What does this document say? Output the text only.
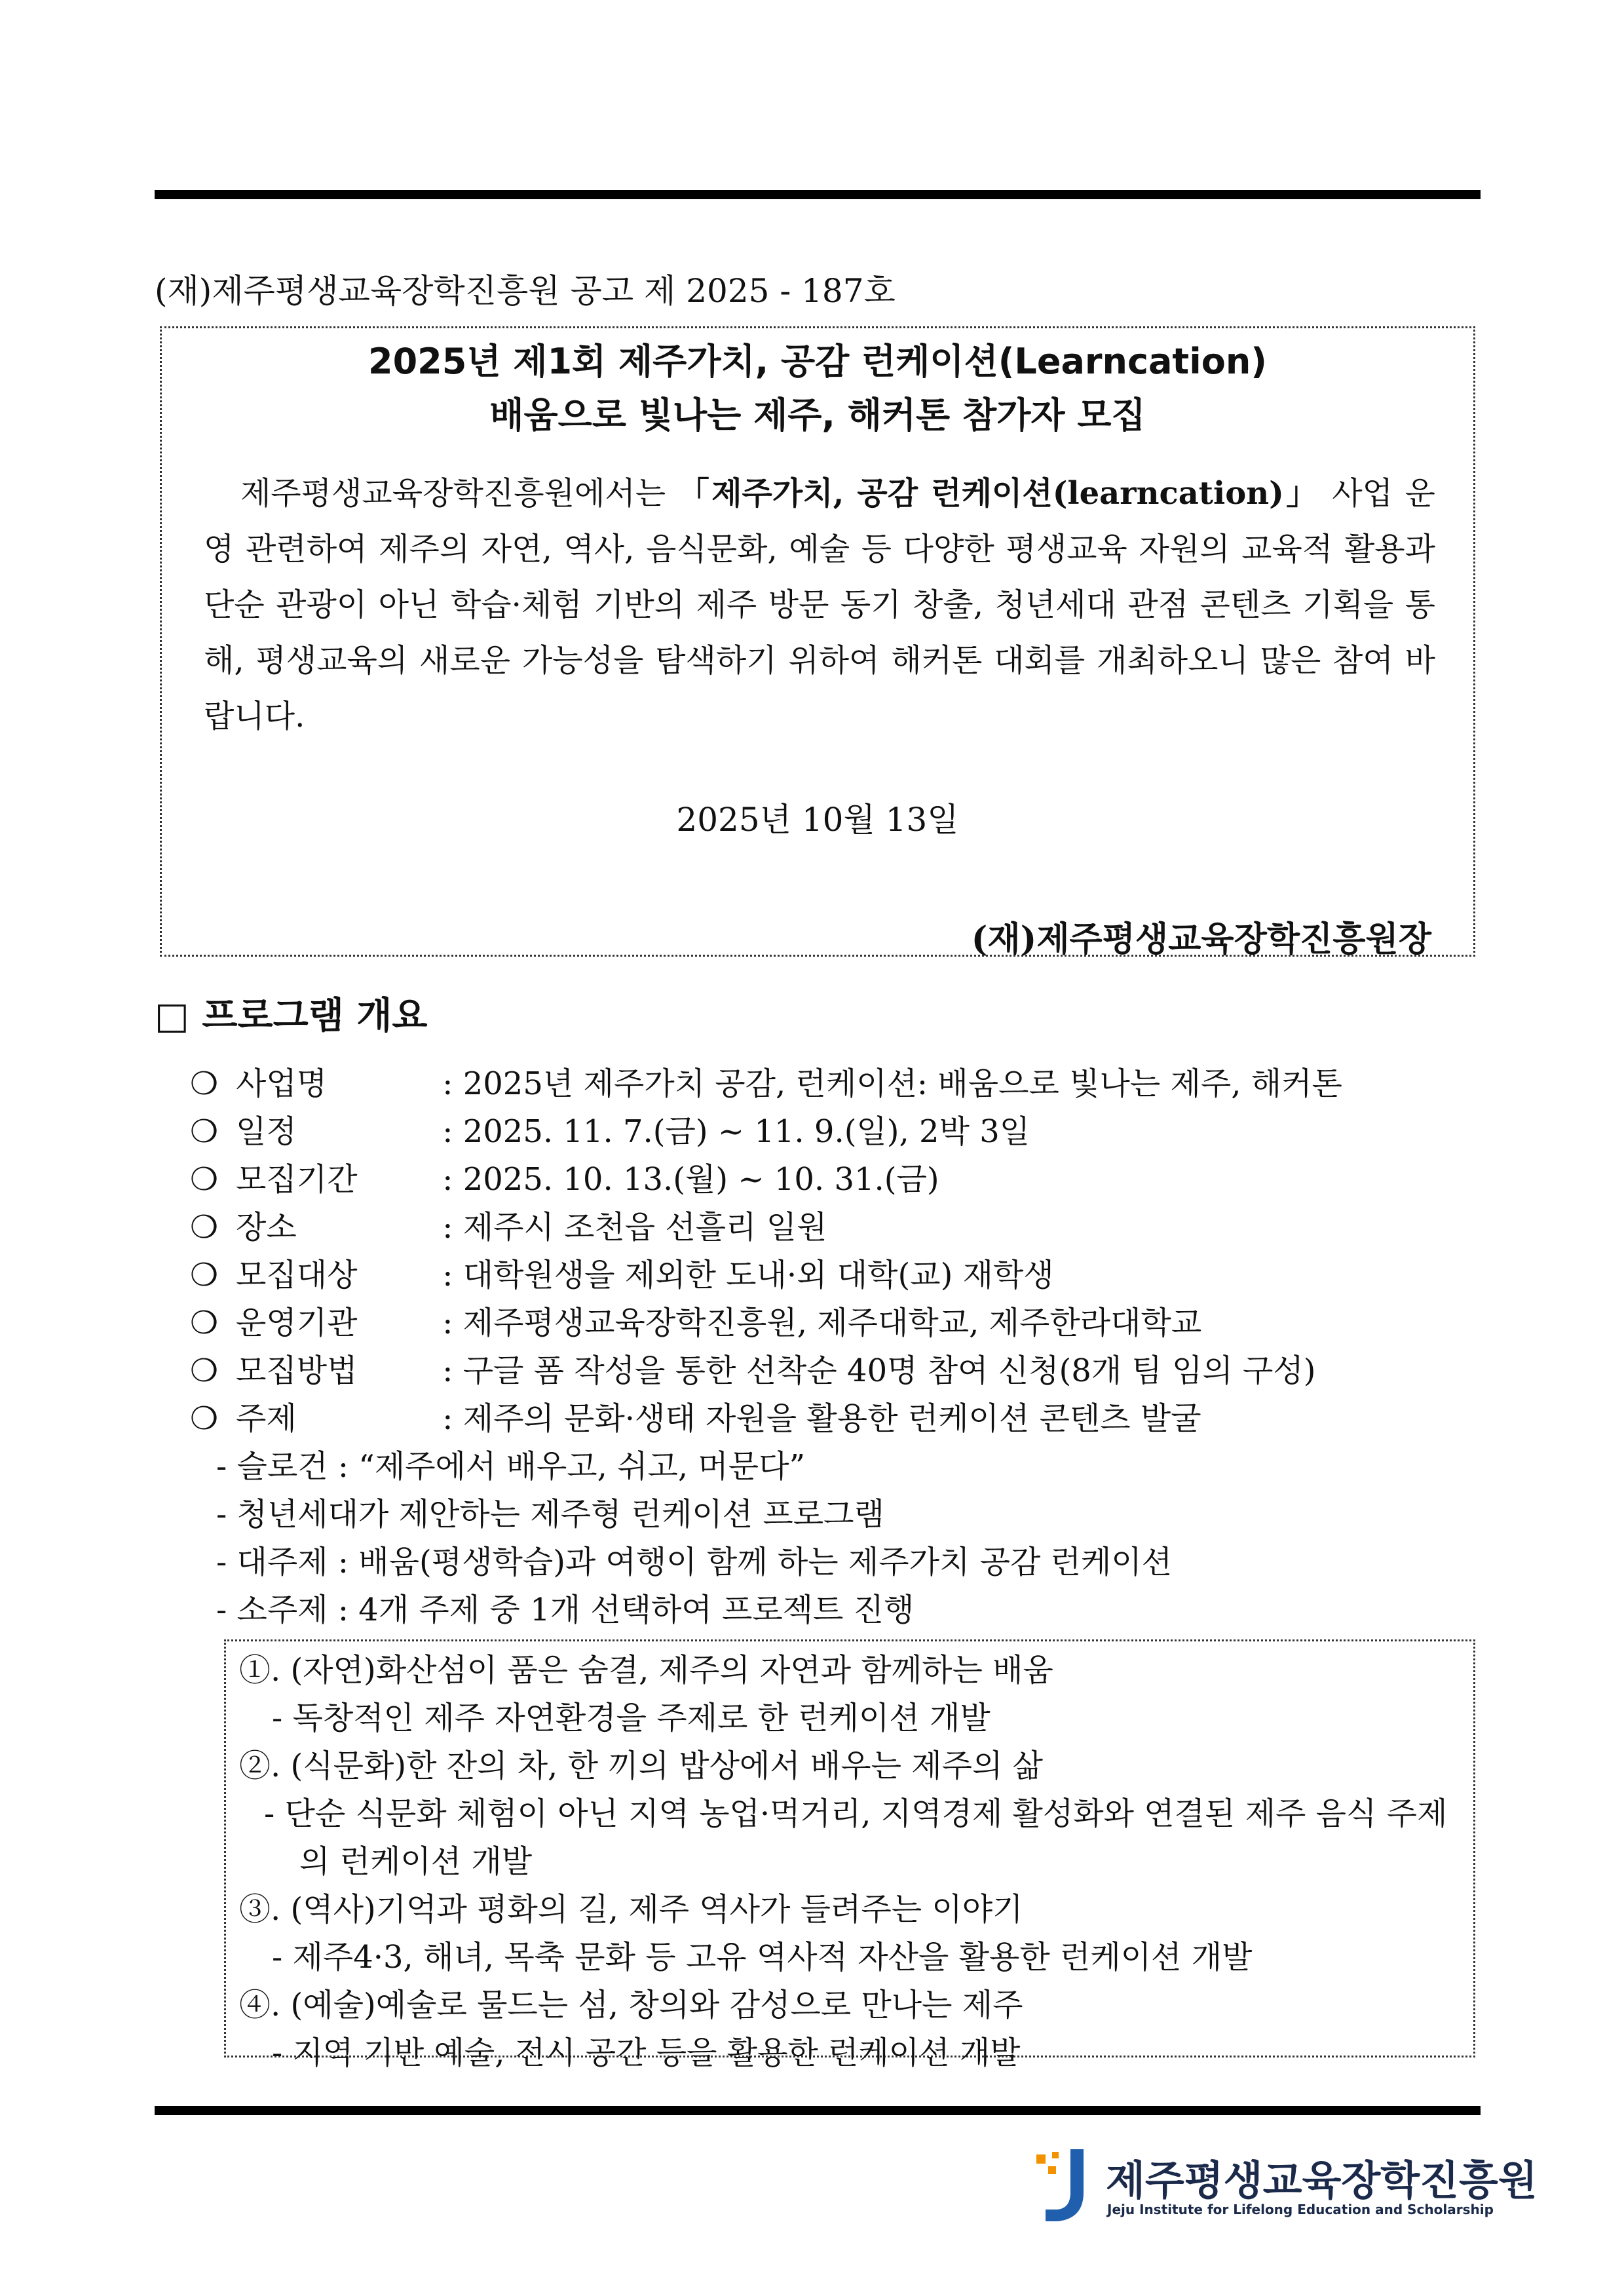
(재)제주평생교육장학진흥원 공고 제 2025 - 187호
2025년 제1회 제주가치, 공감 런케이션(Learncation)
배움으로 빛나는 제주, 해커톤 참가자 모집

제주평생교육장학진흥원에서는 「제주가치, 공감 런케이션(learncation)」 사업 운영 관련하여 제주의 자연, 역사, 음식문화, 예술 등 다양한 평생교육 자원의 교육적 활용과 단순 관광이 아닌 학습·체험 기반의 제주 방문 동기 창출, 청년세대 관점 콘텐츠 기획을 통해, 평생교육의 새로운 가능성을 탐색하기 위하여 해커톤 대회를 개최하오니 많은 참여 바랍니다.

2025년 10월 13일
(재)제주평생교육장학진흥원장
□ 프로그램 개요
❍ 사업명	: 2025년 제주가치 공감, 런케이션: 배움으로 빛나는 제주, 해커톤
❍ 일정	: 2025. 11. 7.(금) ~ 11. 9.(일), 2박 3일
❍ 모집기간	: 2025. 10. 13.(월) ~ 10. 31.(금)
❍ 장소	: 제주시 조천읍 선흘리 일원
❍ 모집대상	: 대학원생을 제외한 도내·외 대학(교) 재학생
❍ 운영기관	: 제주평생교육장학진흥원, 제주대학교, 제주한라대학교
❍ 모집방법	: 구글 폼 작성을 통한 선착순 40명 참여 신청(8개 팀 임의 구성)
❍ 주제	: 제주의 문화·생태 자원을 활용한 런케이션 콘텐츠 발굴
- 슬로건 : “제주에서 배우고, 쉬고, 머문다”
- 청년세대가 제안하는 제주형 런케이션 프로그램
- 대주제 : 배움(평생학습)과 여행이 함께 하는 제주가치 공감 런케이션
- 소주제 : 4개 주제 중 1개 선택하여 프로젝트 진행
①. (자연)화산섬이 품은 숨결, 제주의 자연과 함께하는 배움
- 독창적인 제주 자연환경을 주제로 한 런케이션 개발
②. (식문화)한 잔의 차, 한 끼의 밥상에서 배우는 제주의 삶
- 단순 식문화 체험이 아닌 지역 농업·먹거리, 지역경제 활성화와 연결된 제주 음식 주제의 런케이션 개발
③. (역사)기억과 평화의 길, 제주 역사가 들려주는 이야기
- 제주4·3, 해녀, 목축 문화 등 고유 역사적 자산을 활용한 런케이션 개발
④. (예술)예술로 물드는 섬, 창의와 감성으로 만나는 제주
- 지역 기반 예술, 전시 공간 등을 활용한 런케이션 개발
제주평생교육장학진흥원
Jeju Institute for Lifelong Education and Scholarship
